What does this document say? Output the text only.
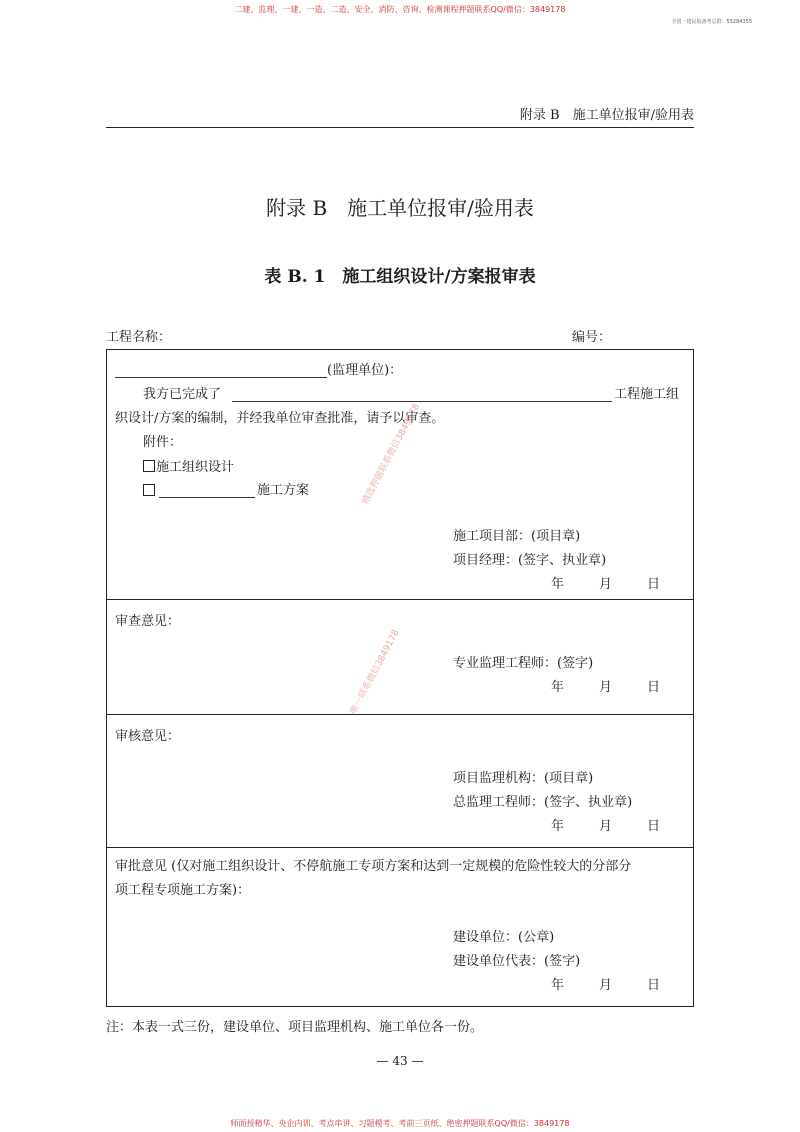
二建、监理、一建、一造、二造、安全、消防、咨询、检测课程押题联系QQ/微信：3849178
全国一建民航备考总群：55284355
附录 B　施工单位报审/验用表
附录 B　施工单位报审/验用表
表 B. 1　施工组织设计/方案报审表
工程名称：	编号：
(监理单位)：
我方已完成了	工程施工组
织设计/方案的编制，并经我单位审查批准，请予以审查。
附件：
施工组织设计
施工方案
施工项目部：(项目章)
项目经理：(签字、执业章)
年	月	日
审查意见：
专业监理工程师：(签字)
年	月	日
审核意见：
项目监理机构：(项目章)
总监理工程师：(签字、执业章)
年	月	日
审批意见 (仅对施工组织设计、不停航施工专项方案和达到一定规模的危险性较大的分部分
项工程专项施工方案)：
建设单位：(公章)
建设单位代表：(签字)
年	月	日
精选押题联系微信3849178
唯一联系微信3849178
注：本表一式三份，建设单位、项目监理机构、施工单位各一份。
— 43 —
师面授精华、央企内训、考点串讲、习题模考、考前三页纸、绝密押题联系QQ/微信：3849178
